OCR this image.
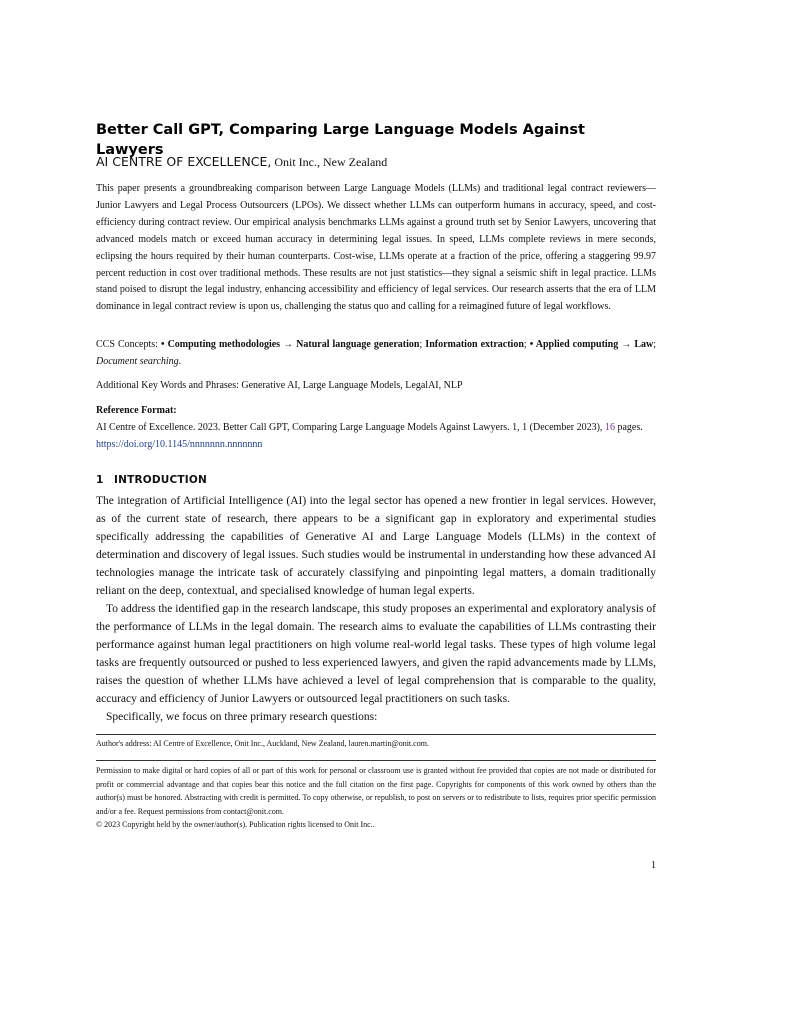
Better Call GPT, Comparing Large Language Models Against Lawyers
AI CENTRE OF EXCELLENCE, Onit Inc., New Zealand
This paper presents a groundbreaking comparison between Large Language Models (LLMs) and traditional legal contract reviewers—Junior Lawyers and Legal Process Outsourcers (LPOs). We dissect whether LLMs can outperform humans in accuracy, speed, and cost-efficiency during contract review. Our empirical analysis benchmarks LLMs against a ground truth set by Senior Lawyers, uncovering that advanced models match or exceed human accuracy in determining legal issues. In speed, LLMs complete reviews in mere seconds, eclipsing the hours required by their human counterparts. Cost-wise, LLMs operate at a fraction of the price, offering a staggering 99.97 percent reduction in cost over traditional methods. These results are not just statistics—they signal a seismic shift in legal practice. LLMs stand poised to disrupt the legal industry, enhancing accessibility and efficiency of legal services. Our research asserts that the era of LLM dominance in legal contract review is upon us, challenging the status quo and calling for a reimagined future of legal workflows.
CCS Concepts: • Computing methodologies → Natural language generation; Information extraction; • Applied computing → Law; Document searching.
Additional Key Words and Phrases: Generative AI, Large Language Models, LegalAI, NLP
Reference Format:
AI Centre of Excellence. 2023. Better Call GPT, Comparing Large Language Models Against Lawyers. 1, 1 (December 2023), 16 pages.
https://doi.org/10.1145/nnnnnnn.nnnnnnn
1 INTRODUCTION

The integration of Artificial Intelligence (AI) into the legal sector has opened a new frontier in legal services. However, as of the current state of research, there appears to be a significant gap in exploratory and experimental studies specifically addressing the capabilities of Generative AI and Large Language Models (LLMs) in the context of determination and discovery of legal issues. Such studies would be instrumental in understanding how these advanced AI technologies manage the intricate task of accurately classifying and pinpointing legal matters, a domain traditionally reliant on the deep, contextual, and specialised knowledge of human legal experts.

To address the identified gap in the research landscape, this study proposes an experimental and exploratory analysis of the performance of LLMs in the legal domain. The research aims to evaluate the capabilities of LLMs contrasting their performance against human legal practitioners on high volume real-world legal tasks. These types of high volume legal tasks are frequently outsourced or pushed to less experienced lawyers, and given the rapid advancements made by LLMs, raises the question of whether LLMs have achieved a level of legal comprehension that is comparable to the quality, accuracy and efficiency of Junior Lawyers or outsourced legal practitioners on such tasks.

Specifically, we focus on three primary research questions:

Author's address: AI Centre of Excellence, Onit Inc., Auckland, New Zealand, lauren.martin@onit.com.
Permission to make digital or hard copies of all or part of this work for personal or classroom use is granted without fee provided that copies are not made or distributed for profit or commercial advantage and that copies bear this notice and the full citation on the first page. Copyrights for components of this work owned by others than the author(s) must be honored. Abstracting with credit is permitted. To copy otherwise, or republish, to post on servers or to redistribute to lists, requires prior specific permission and/or a fee. Request permissions from contact@onit.com.
© 2023 Copyright held by the owner/author(s). Publication rights licensed to Onit Inc..
1
